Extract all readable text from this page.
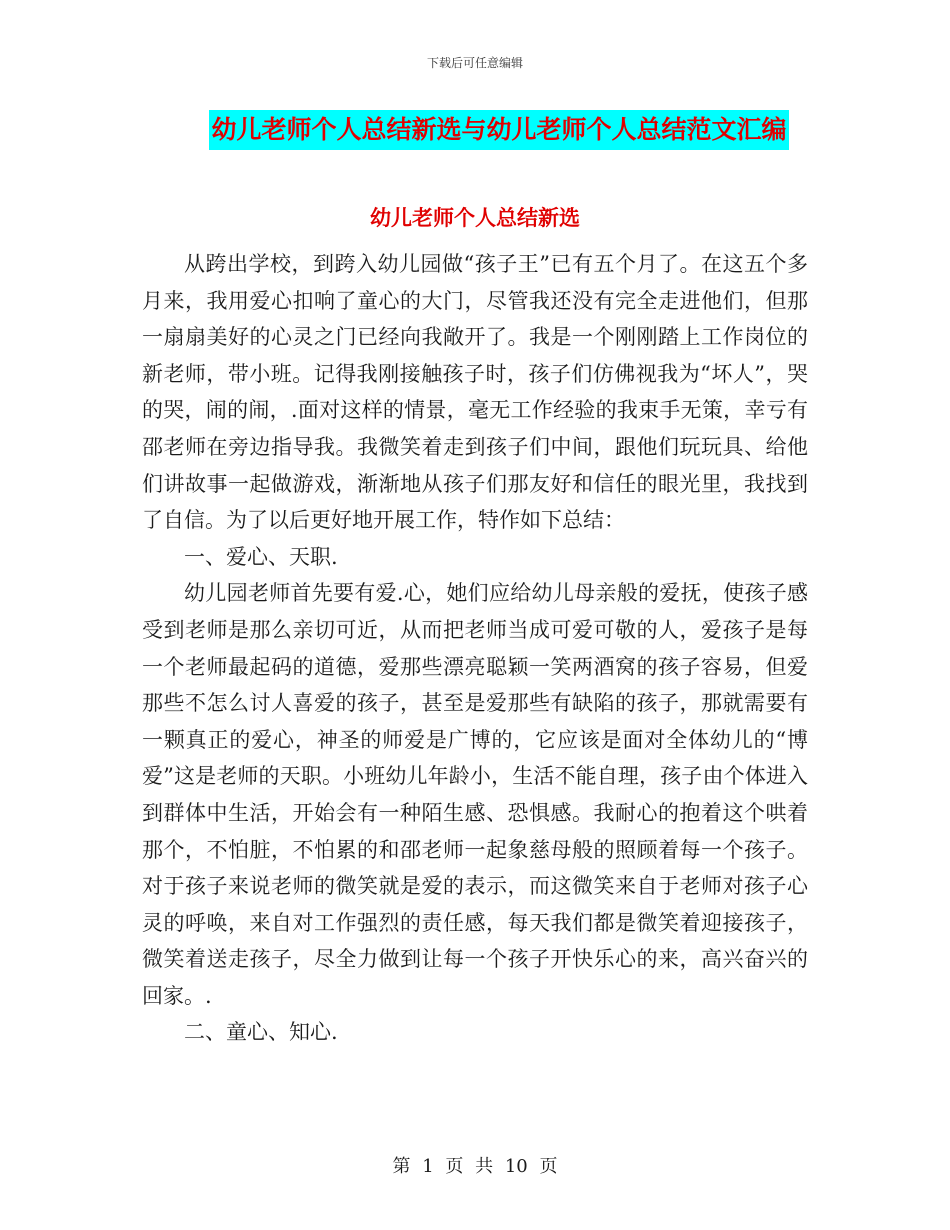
下载后可任意编辑
幼儿老师个人总结新选与幼儿老师个人总结范文汇编
幼儿老师个人总结新选

从跨出学校，到跨入幼儿园做“孩子王”已有五个月了。在这五个多月来，我用爱心扣响了童心的大门，尽管我还没有完全走进他们，但那一扇扇美好的心灵之门已经向我敞开了。我是一个刚刚踏上工作岗位的新老师，带小班。记得我刚接触孩子时，孩子们仿佛视我为“坏人”，哭的哭，闹的闹，.面对这样的情景，毫无工作经验的我束手无策，幸亏有邵老师在旁边指导我。我微笑着走到孩子们中间，跟他们玩玩具、给他们讲故事一起做游戏，渐渐地从孩子们那友好和信任的眼光里，我找到了自信。为了以后更好地开展工作，特作如下总结：

一、爱心、天职.

幼儿园老师首先要有爱.心，她们应给幼儿母亲般的爱抚，使孩子感受到老师是那么亲切可近，从而把老师当成可爱可敬的人，爱孩子是每一个老师最起码的道德，爱那些漂亮聪颖一笑两酒窝的孩子容易，但爱那些不怎么讨人喜爱的孩子，甚至是爱那些有缺陷的孩子，那就需要有一颗真正的爱心，神圣的师爱是广博的，它应该是面对全体幼儿的“博爱”这是老师的天职。小班幼儿年龄小，生活不能自理，孩子由个体进入到群体中生活，开始会有一种陌生感、恐惧感。我耐心的抱着这个哄着那个，不怕脏，不怕累的和邵老师一起象慈母般的照顾着每一个孩子。对于孩子来说老师的微笑就是爱的表示，而这微笑来自于老师对孩子心灵的呼唤，来自对工作强烈的责任感，每天我们都是微笑着迎接孩子，微笑着送走孩子，尽全力做到让每一个孩子开快乐心的来，高兴奋兴的回家。.

二、童心、知心.

第 1 页 共 10 页
